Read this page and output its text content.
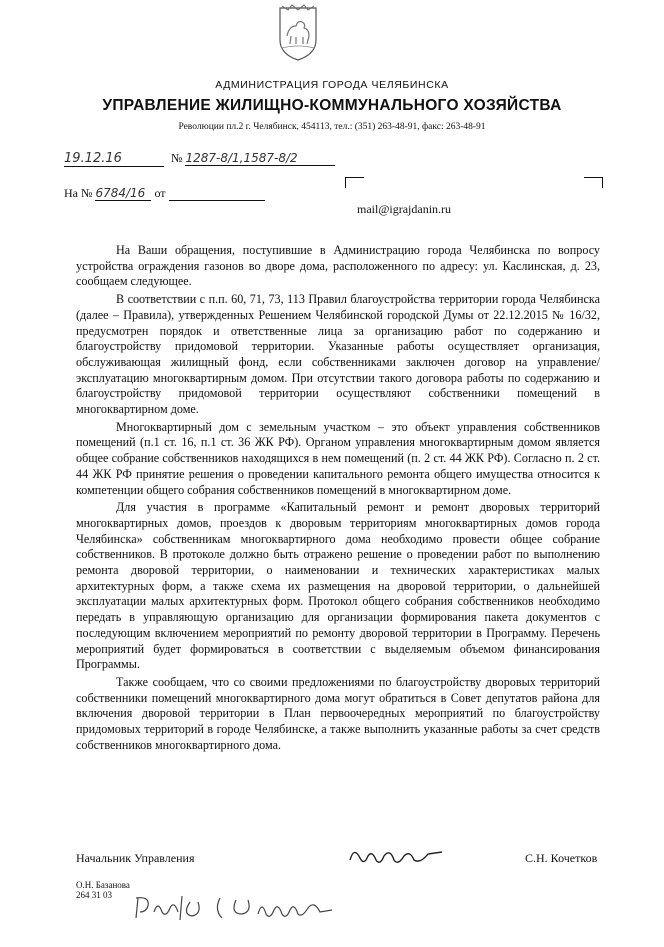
АДМИНИСТРАЦИЯ ГОРОДА ЧЕЛЯБИНСКА
УПРАВЛЕНИЕ ЖИЛИЩНО-КОММУНАЛЬНОГО ХОЗЯЙСТВА
Революции пл.2 г. Челябинск, 454113, тел.: (351) 263-48-91, факс: 263-48-91
19.12.16	№ 1287-8/1,1587-8/2
На № 6784/16 от
mail@igrajdanin.ru

На Ваши обращения, поступившие в Администрацию города Челябинска по вопросу устройства ограждения газонов во дворе дома, расположенного по адресу: ул. Каслинская, д. 23, сообщаем следующее.

В соответствии с п.п. 60, 71, 73, 113 Правил благоустройства территории города Челябинска (далее – Правила), утвержденных Решением Челябинской городской Думы от 22.12.2015 № 16/32, предусмотрен порядок и ответственные лица за организацию работ по содержанию и благоустройству придомовой территории. Указанные работы осуществляет организация, обслуживающая жилищный фонд, если собственниками заключен договор на управление/эксплуатацию многоквартирным домом. При отсутствии такого договора работы по содержанию и благоустройству придомовой территории осуществляют собственники помещений в многоквартирном доме.

Многоквартирный дом с земельным участком – это объект управления собственников помещений (п.1 ст. 16, п.1 ст. 36 ЖК РФ). Органом управления многоквартирным домом является общее собрание собственников находящихся в нем помещений (п. 2 ст. 44 ЖК РФ). Согласно п. 2 ст. 44 ЖК РФ принятие решения о проведении капитального ремонта общего имущества относится к компетенции общего собрания собственников помещений в многоквартирном доме.

Для участия в программе «Капитальный ремонт и ремонт дворовых территорий многоквартирных домов, проездов к дворовым территориям многоквартирных домов города Челябинска» собственникам многоквартирного дома необходимо провести общее собрание собственников. В протоколе должно быть отражено решение о проведении работ по выполнению ремонта дворовой территории, о наименовании и технических характеристиках малых архитектурных форм, а также схема их размещения на дворовой территории, о дальнейшей эксплуатации малых архитектурных форм. Протокол общего собрания собственников необходимо передать в управляющую организацию для организации формирования пакета документов с последующим включением мероприятий по ремонту дворовой территории в Программу. Перечень мероприятий будет формироваться в соответствии с выделяемым объемом финансирования Программы.

Также сообщаем, что со своими предложениями по благоустройству дворовых территорий собственники помещений многоквартирного дома могут обратиться в Совет депутатов района для включения дворовой территории в План первоочередных мероприятий по благоустройству придомовых территорий в городе Челябинске, а также выполнить указанные работы за счет средств собственников многоквартирного дома.

Начальник Управления	С.Н. Кочетков
О.Н. Базанова
264 31 03
